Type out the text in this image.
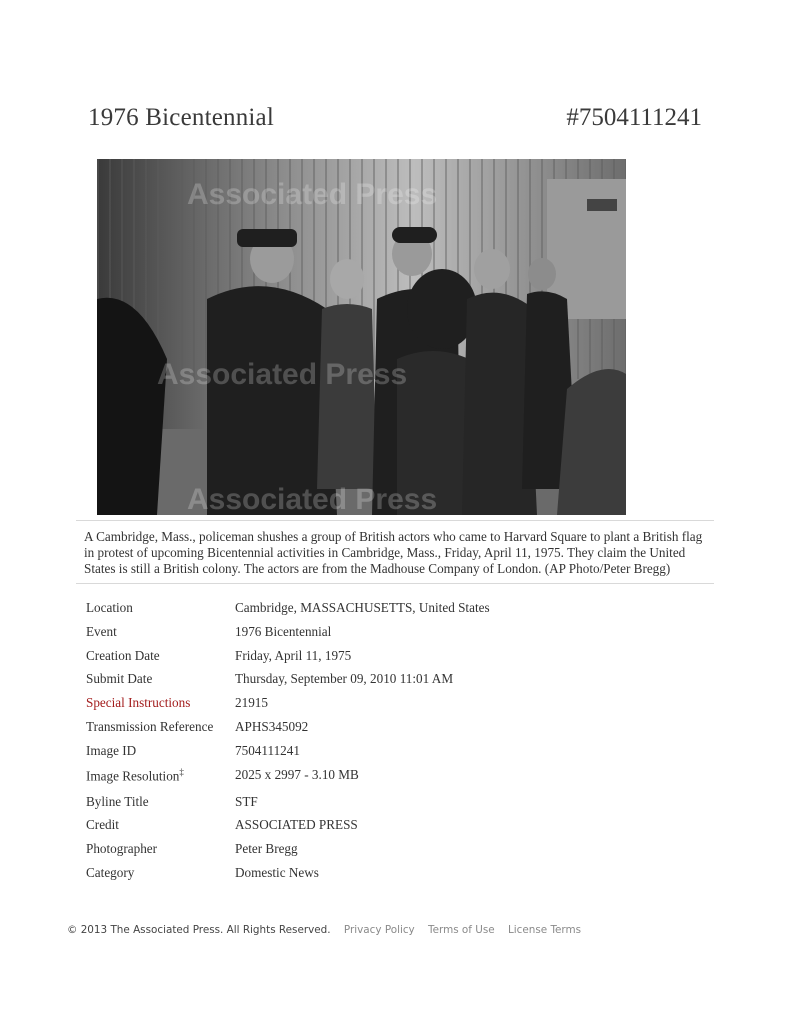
1976 Bicentennial	#7504111241
Associated Press
Associated Press
Associated Press
A Cambridge, Mass., policeman shushes a group of British actors who came to Harvard Square to plant a British flag in protest of upcoming Bicentennial activities in Cambridge, Mass., Friday, April 11, 1975. They claim the United States is still a British colony. The actors are from the Madhouse Company of London. (AP Photo/Peter Bregg)
Location	Cambridge, MASSACHUSETTS, United States
Event	1976 Bicentennial
Creation Date	Friday, April 11, 1975
Submit Date	Thursday, September 09, 2010 11:01 AM
Special Instructions	21915
Transmission Reference APHS345092
Image ID	7504111241
Image Resolution‡	2025 x 2997 - 3.10 MB
Byline Title	STF
Credit	ASSOCIATED PRESS
Photographer	Peter Bregg
Category	Domestic News
© 2013 The Associated Press. All Rights Reserved. Privacy Policy Terms of Use License Terms
